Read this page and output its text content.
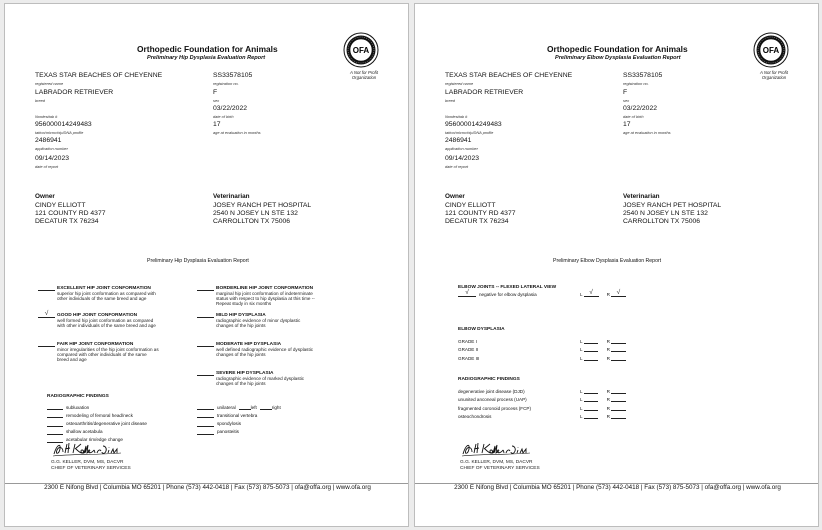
Orthopedic Foundation for Animals
Preliminary Hip Dysplasia Evaluation Report
OFA
A Not for Profit Organization
TEXAS STAR BEACHES OF CHEYENNE
registered name
LABRADOR RETRIEVER
breed
Nordesttab #
956000014249483
tattoo/microchip/DNA profile
2486941
application number
09/14/2023
date of report
SS33578105
registration no.
F
sex
03/22/2022
date of birth
17
age at evaluation in months
Owner
CINDY ELLIOTT
121 COUNTY RD 4377
DECATUR TX 76234
Veterinarian
JOSEY RANCH PET HOSPITAL
2540 N JOSEY LN STE 132
CARROLLTON TX 75006
Preliminary Hip Dysplasia Evaluation Report
EXCELLENT HIP JOINT CONFORMATION
superior hip joint conformation as compared with
other individuals of the same breed and age
√	GOOD HIP JOINT CONFORMATION
well formed hip joint conformation as compared
with other individuals of the same breed and age
FAIR HIP JOINT CONFORMATION
minor irregularities of the hip joint conformation as
compared with other individuals of the same
breed and age
BORDERLINE HIP JOINT CONFORMATION
marginal hip joint conformation of indeterminate
status with respect to hip dysplasia at this time --
Repeat study in six months
MILD HIP DYSPLASIA
radiographic evidence of minor dysplastic
changes of the hip joints
MODERATE HIP DYSPLASIA
well defined radiographic evidence of dysplastic
changes of the hip joints
SEVERE HIP DYSPLASIA
radiographic evidence of marked dysplastic
changes of the hip joints
RADIOGRAPHIC FINDINGS
subluxation
remodeling of femoral head/neck
osteoarthritis/degenerative joint disease
shallow acetabula
acetabular rim/edge change
unilateral	left	right
transitional vertebra
spondylosis
panosteitis
G.G. KELLER, DVM, MS, DACVR
CHIEF OF VETERINARY SERVICES
2300 E Nifong Blvd | Columbia MO 65201 | Phone (573) 442-0418 | Fax (573) 875-5073 | ofa@offa.org | www.ofa.org
Orthopedic Foundation for Animals
Preliminary Elbow Dysplasia Evaluation Report
OFA
A Not for Profit Organization
TEXAS STAR BEACHES OF CHEYENNE
registered name
LABRADOR RETRIEVER
breed
Nordesttab #
956000014249483
tattoo/microchip/DNA profile
2486941
application number
09/14/2023
date of report
SS33578105
registration no.
F
sex
03/22/2022
date of birth
17
age at evaluation in months
Owner
CINDY ELLIOTT
121 COUNTY RD 4377
DECATUR TX 76234
Veterinarian
JOSEY RANCH PET HOSPITAL
2540 N JOSEY LN STE 132
CARROLLTON TX 75006
Preliminary Elbow Dysplasia Evaluation Report
ELBOW JOINTS -- FLEXED LATERAL VIEW
√	negative for elbow dysplasia	L	√	R	√
ELBOW DYSPLASIA
GRADE I	L	R
GRADE II	L	R
GRADE III	L	R
RADIOGRAPHIC FINDINGS
degenerative joint disease (DJD)	L	R
ununited anconeal process (UAP)	L	R
fragmented coronoid process (FCP)	L	R
osteochondrosis	L	R
G.G. KELLER, DVM, MS, DACVR
CHIEF OF VETERINARY SERVICES
2300 E Nifong Blvd | Columbia MO 65201 | Phone (573) 442-0418 | Fax (573) 875-5073 | ofa@offa.org | www.ofa.org
